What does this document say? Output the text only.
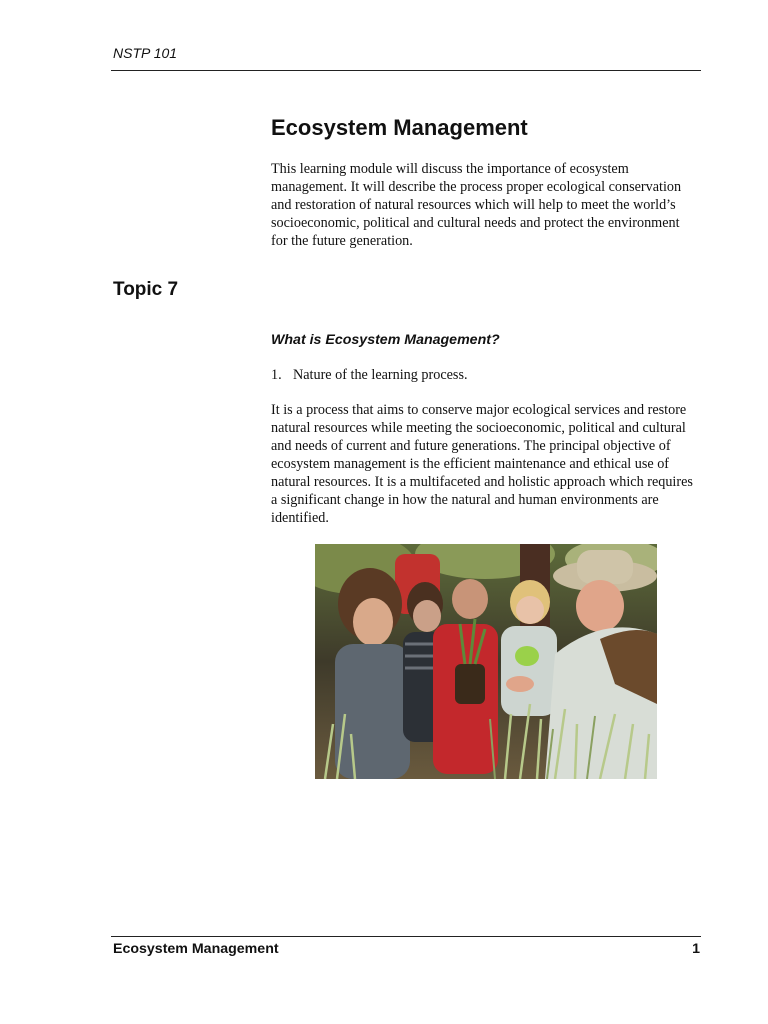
NSTP 101
Ecosystem Management

This learning module will discuss the importance of ecosystem management. It will describe the process proper ecological conservation and restoration of natural resources which will help to meet the world’s socioeconomic, political and cultural needs and protect the environment for the future generation.

Topic 7
What is Ecosystem Management?

1. Nature of the learning process.

It is a process that aims to conserve major ecological services and restore natural resources while meeting the socioeconomic, political and cultural and needs of current and future generations. The principal objective of ecosystem management is the efficient maintenance and ethical use of natural resources. It is a multifaceted and holistic approach which requires a significant change in how the natural and human environments are identified.

Ecosystem Management	1
